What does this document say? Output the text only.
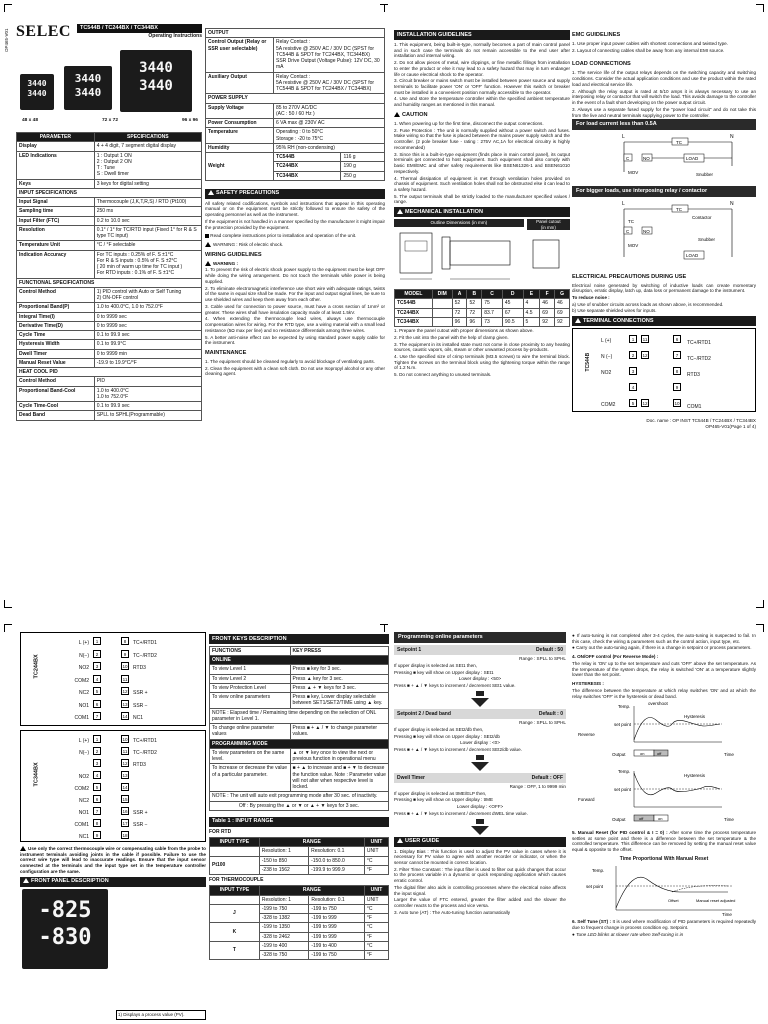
OP465-V01 SELEC	TC544B / TC244BX / TC344BX
Operating Instructions
3440
3440
3440
3440
3440
3440
48 x 48	72 x 72	96 x 96
PARAMETER	SPECIFICATIONS
Display	4 + 4 digit, 7 segment digital display
LED Indications	1 : Output 1 ON
2 : Output 2 ON
T : Tune
S : Dwell timer
Keys	3 keys for digital setting
INPUT SPECIFICATIONS	
Input Signal	Thermocouple (J,K,T,R,S) / RTD (Pt100)
Sampling time	250 ms
Input Filter (FTC)	0.2 to 10.0 sec
Resolution	0.1° / 1° for TC/RTD input (Fixed 1° for R & S type TC input)
Temperature Unit	°C / °F selectable
Indication Accuracy	For TC inputs : 0.25% of F. S ±1°C
For R & S inputs : 0.5% of F. S ±2°C
( 20 min of warm up time for TC input )
For RTD inputs : 0.1% of F. S ±1°C
FUNCTIONAL SPECIFICATIONS	
Control Method	1) PID control with Auto or Self Tuning
2) ON-OFF control
Proportional Band(P)	1.0 to 400.0°C, 1.0 to 752.0°F
Integral Time(I)	0 to 9999 sec
Derivative Time(D)	0 to 9999 sec
Cycle Time	0.1 to 99.9 sec
Hysteresis Width	0.1 to 99.9°C
Dwell Timer	0 to 9999 min
Manual Reset Value	-19.9 to 19.9°C/°F
HEAT COOL PID	
Control Method	PID
Proportional Band-Cool	1.0 to 400.0°C
1.0 to 752.0°F
Cycle Time-Cool	0.1 to 99.9 sec
Dead Band	SPLL to SPHL(Programmable)
OUTPUT
Control Output (Relay or SSR user selectable)	Relay Contact :
5A resistive @ 250V AC / 30V DC (SPST for TC544B & SPDT for TC244BX, TC344BX)
SSR Drive Output (Voltage Pulse): 12V DC, 30 mA
Auxiliary Output	Relay Contact :
5A resistive @ 250V AC / 30V DC (SPST for TC544B & SPDT for TC244BX / TC344BX)
POWER SUPPLY
Supply Voltage	85 to 270V AC/DC
(AC : 50 / 60 Hz )
Power Consumption	6 VA max @ 230V AC
Temperature	Operating : 0 to 50°C
Storage : -20 to 75°C
Humidity	95% RH (non-condensing)
Weight	
TC544B	116 g
TC244BX	190 g
TC344BX	250 g
SAFETY PRECAUTIONS
All safety related codifications, symbols and instructions that appear in this operating manual or on the equipment must be strictly followed to ensure the safety of the operating personnel as well as the instrument.
If the equipment is not handled in a manner specified by the manufacturer it might impair the protection provided by the equipment.
Read complete instructions prior to installation and operation of the unit.
WARNING : Risk of electric shock.
WIRING GUIDELINES
WARNING :
1. To prevent the risk of electric shock power supply to the equipment must be kept OFF while doing the wiring arrangement. Do not touch the terminals while power is being supplied.
2. To eliminate electromagnetic interference use short wire with adequate ratings, twists of the same in equal size shall be made. For the input and output signal lines, be sure to use shielded wires and keep them away from each other.
3. Cable used for connection to power source, must have a cross section of 1mm² or greater. These wires shall have insulation capacity made of at least 1.5kV.
4. When extending the thermocouple lead wires, always use thermocouple compensation wires for wiring. For the RTD type, use a wiring material with a small lead resistance (5Ω max per line) and no resistance differentials among three wires.
5. A better anti-noise effect can be expected by using standard power supply cable for the instrument.
MAINTENANCE
1. The equipment should be cleaned regularly to avoid blockage of ventilating parts.
2. Clean the equipment with a clean soft cloth. Do not use Isopropyl alcohol or any other cleaning agent.
INSTALLATION GUIDELINES
1. This equipment, being built-in-type, normally becomes a part of main control panel and in such case the terminals do not remain accessible to the end user after installation and internal wiring.
2. Do not allow pieces of metal, wire clippings, or fine metallic fillings from installation to enter the product or else it may lead to a safety hazard that may in turn endanger life or cause electrical shock to the operator.
3. Circuit breaker or mains switch must be installed between power source and supply terminals to facilitate power 'ON' or 'OFF' function. However this switch or breaker must be installed in a convenient position normally accessible to the operator.
4. Use and store the temperature controller within the specified ambient temperature and humidity ranges as mentioned in this manual.
CAUTION
1. When powering up for the first time, disconnect the output connections.
2. Fuse Protection : The unit is normally supplied without a power switch and fuses. Make wiring so that the fuse is placed between the mains power supply switch and the controller. (2 pole breaker fuse - rating : 275V AC,1A for electrical circuitry is highly recommended)
3. Since this is a built-in-type equipment (finds place in main control panel), its output terminals get connected to host equipment. Such equipment shall also comply with basic EMI/EMC and other safety requirements like BSEN61326-1 and BSEN61010 respectively.
4. Thermal dissipation of equipment is met through ventilation holes provided on chassis of equipment. Such ventilation holes shall not be obstructed else it can lead to a safety hazard.
5. The output terminals shall be strictly loaded to the manufacturer specified values / range.
MECHANICAL INSTALLATION
Outline Dimensions (in mm)	Panel cutout
(in mm)
MODEL	DIM	A	B	C	D	E	F	G
TC544B		52	52	75	45	4	46	46
TC244BX		72	72	83.7	67	4.5	69	69
TC344BX		96	96	73	90.5	5	92	92
1. Prepare the panel cutout with proper dimensions as shown above.
2. Fit the unit into the panel with the help of clamp given.
3. The equipment in its installed state must not come in close proximity to any heating sources, caustic vapors, oils, steam or other unwanted process by-products.
4. Use the specified size of crimp terminals (M3.5 screws) to wire the terminal block. Tighten the screws on the terminal block using the tightening torque within the range of 1.2 N.m.
5. Do not connect anything to unused terminals.
EMC GUIDELINES
1. Use proper input power cables with shortest connections and twisted type.
2. Layout of connecting cables shall be away from any internal EMI source.
LOAD CONNECTIONS
1. The service life of the output relays depends on the switching capacity and switching conditions. Consider the actual application conditions and use the product within the rated load and electrical service life.
2. Although the relay output is rated at 5/10 amps it is always necessary to use an interposing relay or contactor that will switch the load. This avoids damage to the controller in the event of a fault short developing on the power output circuit.
3. Always use a separate fused supply for the "power load circuit" and do not take this from the live and neutral terminals supplying power to the controller.
For load current less than 0.5A
L	N
TC
C	NO	LOAD
MOV	Snubber
For bigger loads, use interposing relay / contactor
L	N
TC
TC
C	NO
Contactor
MOV
Snubber
LOAD
ELECTRICAL PRECAUTIONS DURING USE
Electrical noise generated by switching of inductive loads can create momentary disruption, erratic display, latch up, data loss or permanent damage to the instrument.
To reduce noise :
a) Use of snubber circuits across loads as shown above, is recommended.
b) Use separate shielded wires for inputs.
TERMINAL CONNECTIONS
TC544B
L (+)
N (−)
NO2

COM2
1
2
3
4
5
11
12
12
6
7
8
9
10
TC+/RTD1
TC−/RTD2
RTD3

COM1
Doc. name : OP INST TC544B / TC244BX / TC344BX
OP465-V01(Page 1 of 4)
TC244BX
L (+)
N(−)
NO2
COM2
NC2
NO1
COM1
1
2
3
4
5
6
7
8
9
10
11
12
13
14
TC+/RTD1
TC−/RTD2
RTD3

SSR +
SSR −
NC1
TC344BX
L (+)
N(−)

NO2
COM2
NC2
NO1
COM1
NC1
1
2
3
4
5
6
7
8
9
10
11
12
13
14
15
16
17
18
TC+/RTD1
TC−/RTD2
RTD3

SSR +
SSR −
Use only the correct thermocouple wire or compensating cable from the probe to instrument terminals avoiding joints in the cable if possible. Failure to use the correct wire type will lead to inaccurate readings. Ensure that the input sensor connected at the terminals and the input type set in the temperature controller configuration are the same.
FRONT PANEL DESCRIPTION
-825
-830
1) Displays a process value (PV).
FRONT KEYS DESCRIPTION
FUNCTIONS	KEY PRESS
ONLINE	
To view Level 1	Press ■ key for 3 sec.
To view Level 2	Press ▲ key for 3 sec.
To view Protection Level	Press ▲ + ▼ keys for 3 sec.
To view online parameters	Press ■ key, Lower display selectable between SET1/SET2/TIME using ▲ key.
NOTE : Elapsed time / Remaining time depending on the selection of ONL parameter in Level 1.	
To change online parameter values	Press ■ + ▲ / ▼ to change parameter values.
PROGRAMMING MODE	
To view parameters on the same level.	▲ or ▼ key once to view the next or previous function in operational menu
To increase or decrease the value of a particular parameter.	■ + ▲ to increase and ■ + ▼ to decrease the function value. Note : Parameter value will not alter when respective level is locked.
NOTE : The unit will auto exit programming mode after 30 sec. of inactivity.	
Off : By pressing the ▲ or ▼ or ▲ + ▼ keys for 3 sec.	
Table 1 : INPUT RANGE
FOR RTD
INPUT TYPE	RANGE		UNIT
	Resolution: 1	Resolution: 0.1	UNIT
Pt100	-150 to 850	-150.0 to 850.0	°C
	-238 to 1562	-199.9 to 999.9	°F
FOR THERMOCOUPLE
INPUT TYPE	RANGE		UNIT
	Resolution: 1	Resolution: 0.1	UNIT
J	-199 to 750	-199 to 750	°C
	-328 to 1382	-199 to 999	°F
K	-199 to 1350	-199 to 999	°C
	-328 to 2462	-199 to 999	°F
T	-199 to 400	-199 to 400	°C
	-328 to 750	-199 to 750	°F
Programming online parameters
Setpoint 1	Default : 50
Range : SPLL to SPHL
If upper display is selected as SEt1 then,
Pressing ■ key will show on Upper display : SEt1
Lower display : <50>
Press ■ + ▲ / ▼ keys to increment / decrement SEt1 value.
Setpoint 2 / Dead band	Default : 0
Range : SPLL to SPHL
If upper display is selected as SEt2/db then,
Pressing ■ key will show on Upper display : SEt2/db
Lower display : <0>
Press ■ + ▲ / ▼ keys to increment / decrement SEt2/db value.
Dwell Timer	Default : OFF
Range : OFF, 1 to 9999 min
If upper display is selected as tIME/ELP then,
Pressing ■ key will show on Upper display : tIME
Lower display : <OFF>
Press ■ + ▲ / ▼ keys to increment / decrement dWEL time value.
USER GUIDE
1. Display Bias : This function is used to adjust the PV value in cases where it is necessary for PV value to agree with another recorder or indicator, or when the sensor cannot be mounted in correct location.
2. Filter Time Constant : The input filter is used to filter out quick changes that occur to the process variable in a dynamic or quick responding application which causes erratic control.
The digital filter also aids in controlling processes where the electrical noise affects the input signal.
Larger the value of FTC entered, greater the filter added and the slower the controller reacts to the process and vice versa.
3. Auto tune (AT) : The Auto-tuning function automatically
● If auto-tuning is not completed after 3-4 cycles, the auto-tuning is suspected to fail. In this case, check the wiring & parameters such as the control action, input type, etc.
● Carry out the auto-tuning again, if there is a change in setpoint or process parameters.
4. ON/OFF control (For Reverse Mode) :
The relay is 'ON' up to the set temperature and cuts 'OFF' above the set temperature. As the temperature of the system drops, the relay is switched 'ON' at a temperature slightly lower than the set point.
HYSTERESIS :
The difference between the temperature at which relay switches 'ON' and at which the relay switches 'OFF' is the hysteresis or dead band.
Temp.
overshoot
Hysteresis
set point
Reverse
Output	on	off	Time

Temp.
Hysteresis
set point
Forward
Output	off	on	Time
5. Manual Reset (for PID control & I = 0) : After some time the process temperature settles at some point and there is a difference between the set temperature & the controlled temperature. This difference can be removed by setting the manual reset value equal & opposite to the offset.
Time Proportional With Manual Reset
Temp.
set point
Offset	Manual reset adjusted
Time
6. Self Tune (ST) : It is used where modification of PID parameters is required repeatedly due to frequent change in process condition eg. Setpoint.
● Tune LED blinks at slower rate when Self-tuning is in
